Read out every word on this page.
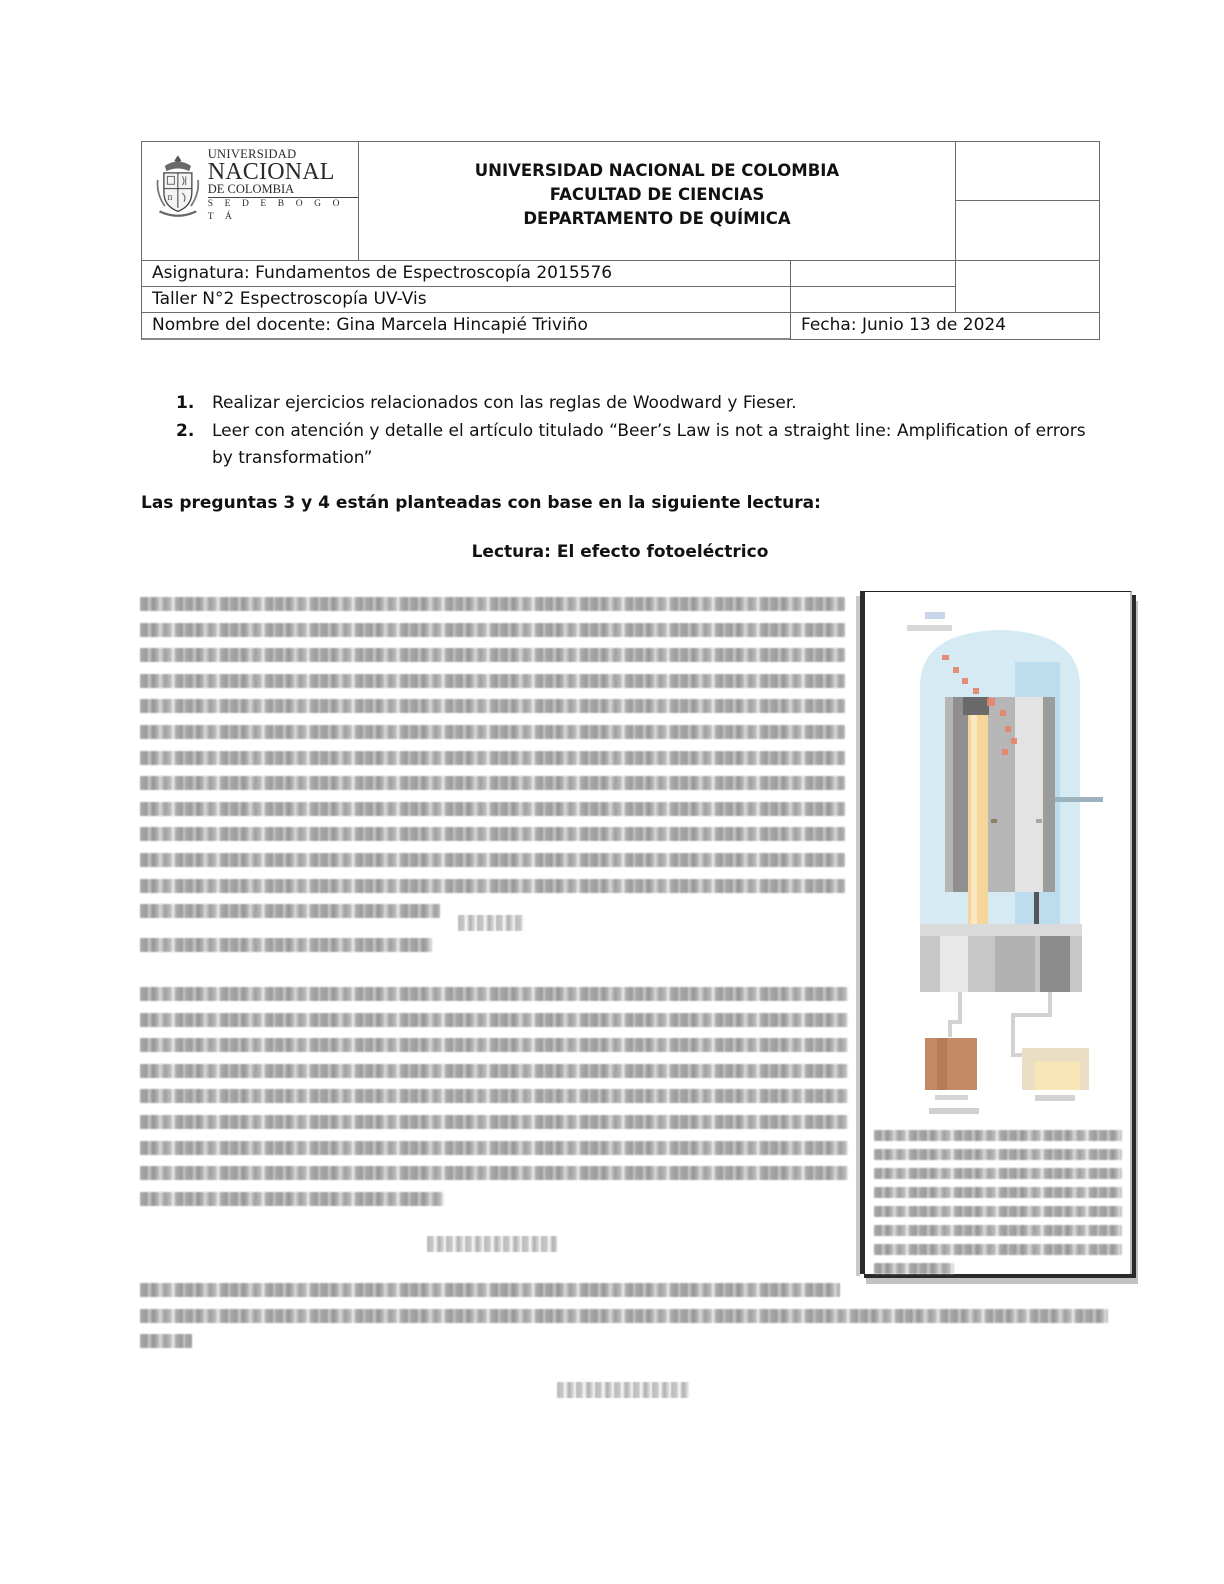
π
UNIVERSIDAD
NACIONAL
DE COLOMBIA
S E D E B O G O T Á
UNIVERSIDAD NACIONAL DE COLOMBIA
FACULTAD DE CIENCIAS
DEPARTAMENTO DE QUÍMICA
Asignatura: Fundamentos de Espectroscopía 2015576
Taller N°2 Espectroscopía UV-Vis
Nombre del docente: Gina Marcela Hincapié Triviño	Fecha: Junio 13 de 2024
1.	Realizar ejercicios relacionados con las reglas de Woodward y Fieser.
2.	Leer con atención y detalle el artículo titulado “Beer’s Law is not a straight line: Amplification of errors by transformation”
Las preguntas 3 y 4 están planteadas con base en la siguiente lectura:
Lectura: El efecto fotoeléctrico
